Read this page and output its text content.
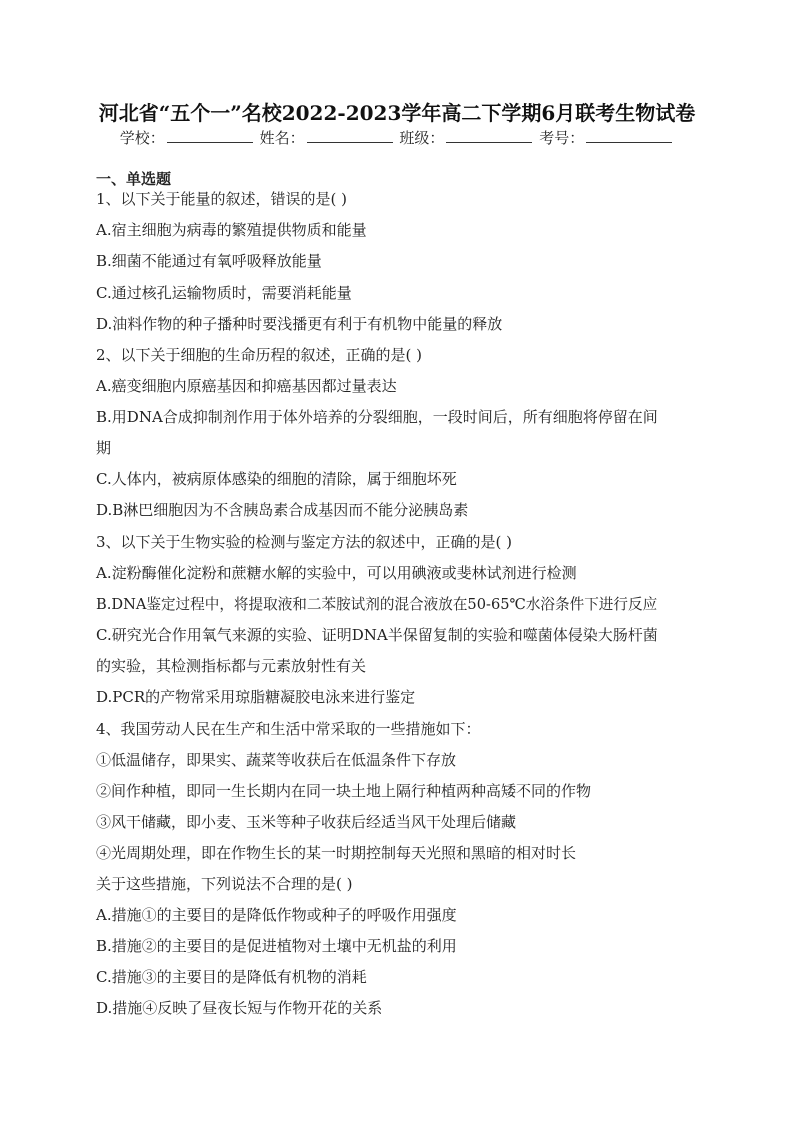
河北省“五个一”名校2022-2023学年高二下学期6月联考生物试卷
学校：	姓名：	班级：	考号：
一、单选题
1、以下关于能量的叙述，错误的是( )
A.宿主细胞为病毒的繁殖提供物质和能量
B.细菌不能通过有氧呼吸释放能量
C.通过核孔运输物质时，需要消耗能量
D.油料作物的种子播种时要浅播更有利于有机物中能量的释放
2、以下关于细胞的生命历程的叙述，正确的是( )
A.癌变细胞内原癌基因和抑癌基因都过量表达
B.用DNA合成抑制剂作用于体外培养的分裂细胞，一段时间后，所有细胞将停留在间
期
C.人体内，被病原体感染的细胞的清除，属于细胞坏死
D.B淋巴细胞因为不含胰岛素合成基因而不能分泌胰岛素
3、以下关于生物实验的检测与鉴定方法的叙述中，正确的是( )
A.淀粉酶催化淀粉和蔗糖水解的实验中，可以用碘液或斐林试剂进行检测
B.DNA鉴定过程中，将提取液和二苯胺试剂的混合液放在50-65℃水浴条件下进行反应
C.研究光合作用氧气来源的实验、证明DNA半保留复制的实验和噬菌体侵染大肠杆菌
的实验，其检测指标都与元素放射性有关
D.PCR的产物常采用琼脂糖凝胶电泳来进行鉴定
4、我国劳动人民在生产和生活中常采取的一些措施如下：
①低温储存，即果实、蔬菜等收获后在低温条件下存放
②间作种植，即同一生长期内在同一块土地上隔行种植两种高矮不同的作物
③风干储藏，即小麦、玉米等种子收获后经适当风干处理后储藏
④光周期处理，即在作物生长的某一时期控制每天光照和黑暗的相对时长
关于这些措施，下列说法不合理的是( )
A.措施①的主要目的是降低作物或种子的呼吸作用强度
B.措施②的主要目的是促进植物对土壤中无机盐的利用
C.措施③的主要目的是降低有机物的消耗
D.措施④反映了昼夜长短与作物开花的关系
